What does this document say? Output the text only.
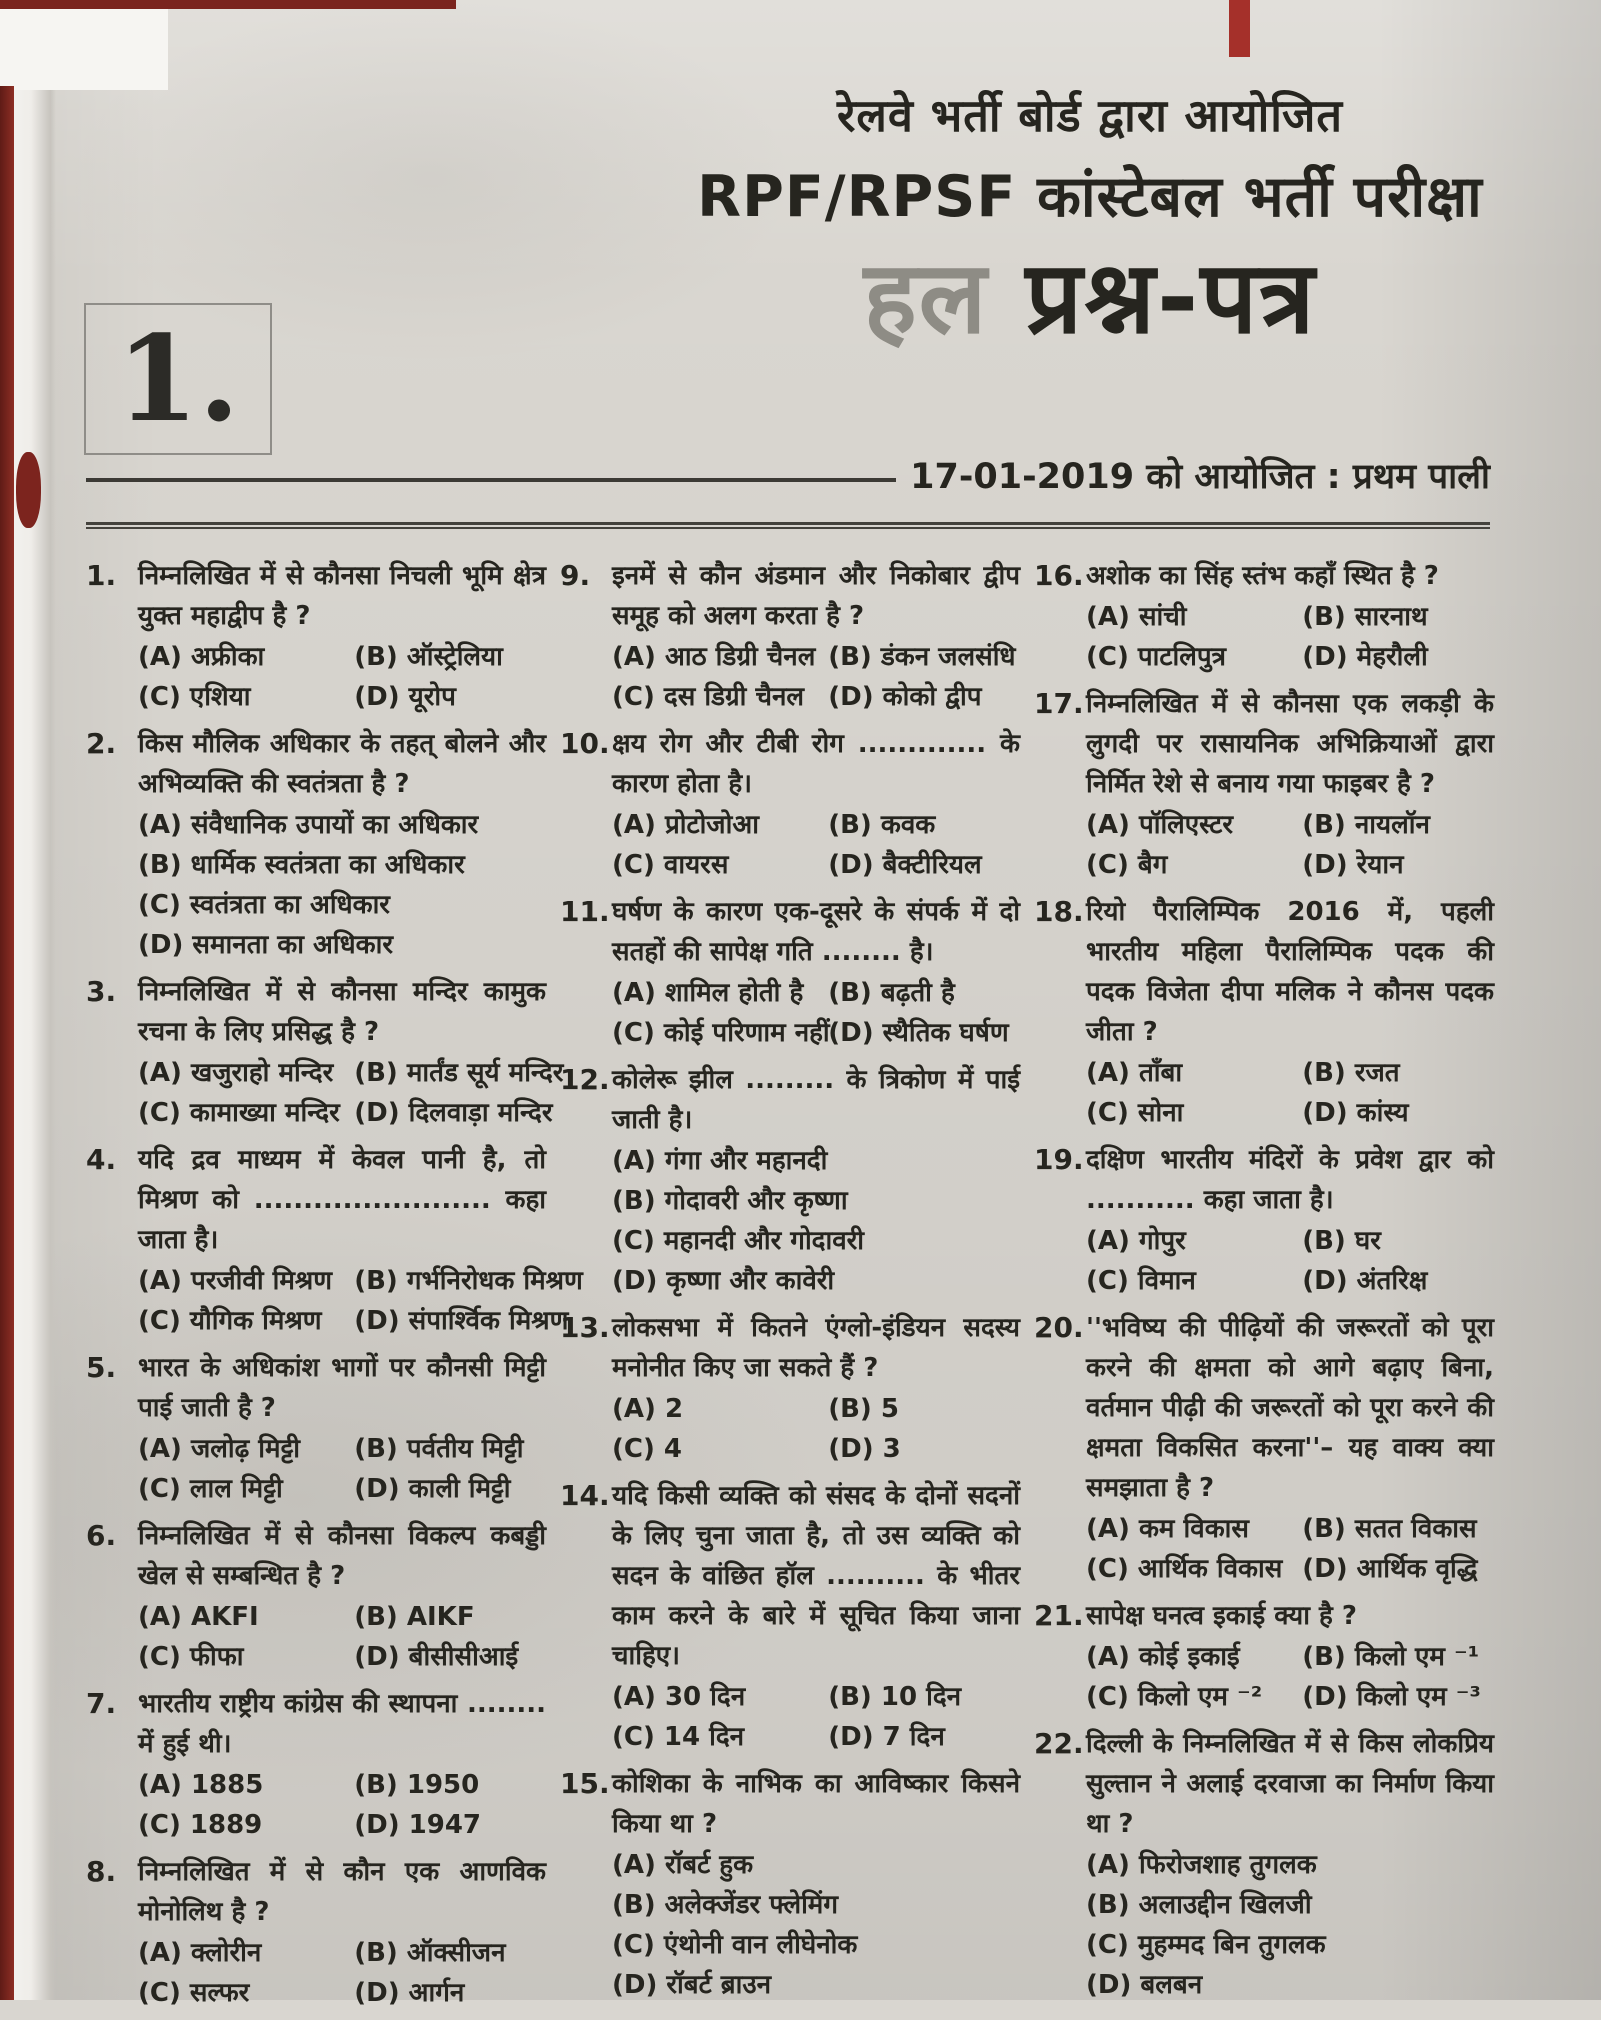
1.
रेलवे भर्ती बोर्ड द्वारा आयोजित
RPF/RPSF कांस्टेबल भर्ती परीक्षा
हल प्रश्न-पत्र
17-01-2019 को आयोजित : प्रथम पाली
1. निम्नलिखित में से कौनसा निचली भूमि क्षेत्र युक्त महाद्वीप है ?
(A) अफ्रीका	(B) ऑस्ट्रेलिया
(C) एशिया	(D) यूरोप
2. किस मौलिक अधिकार के तहत् बोलने और अभिव्यक्ति की स्वतंत्रता है ?
(A) संवैधानिक उपायों का अधिकार
(B) धार्मिक स्वतंत्रता का अधिकार
(C) स्वतंत्रता का अधिकार
(D) समानता का अधिकार
3. निम्नलिखित में से कौनसा मन्दिर कामुक रचना के लिए प्रसिद्ध है ?
(A) खजुराहो मन्दिर (B) मार्तंड सूर्य मन्दिर
(C) कामाख्या मन्दिर (D) दिलवाड़ा मन्दिर
4. यदि द्रव माध्यम में केवल पानी है, तो मिश्रण को ........................ कहा जाता है।
(A) परजीवी मिश्रण (B) गर्भनिरोधक मिश्रण
(C) यौगिक मिश्रण	(D) संपार्श्विक मिश्रण
5. भारत के अधिकांश भागों पर कौनसी मिट्टी पाई जाती है ?
(A) जलोढ़ मिट्टी	(B) पर्वतीय मिट्टी
(C) लाल मिट्टी	(D) काली मिट्टी
6. निम्नलिखित में से कौनसा विकल्प कबड्डी खेल से सम्बन्धित है ?
(A) AKFI	(B) AIKF
(C) फीफा	(D) बीसीसीआई
7. भारतीय राष्ट्रीय कांग्रेस की स्थापना ........ में हुई थी।
(A) 1885	(B) 1950
(C) 1889	(D) 1947
8. निम्नलिखित में से कौन एक आणविक मोनोलिथ है ?
(A) क्लोरीन	(B) ऑक्सीजन
(C) सल्फर	(D) आर्गन
9. इनमें से कौन अंडमान और निकोबार द्वीप समूह को अलग करता है ?
(A) आठ डिग्री चैनल (B) डंकन जलसंधि
(C) दस डिग्री चैनल (D) कोको द्वीप
10. क्षय रोग और टीबी रोग ............. के कारण होता है।
(A) प्रोटोजोआ	(B) कवक
(C) वायरस	(D) बैक्टीरियल
11. घर्षण के कारण एक-दूसरे के संपर्क में दो सतहों की सापेक्ष गति ........ है।
(A) शामिल होती है (B) बढ़ती है
(C) कोई परिणाम नहीं
(D) स्थैतिक घर्षण
12. कोलेरू झील ......... के त्रिकोण में पाई जाती है।
(A) गंगा और महानदी
(B) गोदावरी और कृष्णा
(C) महानदी और गोदावरी
(D) कृष्णा और कावेरी
13. लोकसभा में कितने एंग्लो-इंडियन सदस्य मनोनीत किए जा सकते हैं ?
(A) 2	(B) 5
(C) 4	(D) 3
14. यदि किसी व्यक्ति को संसद के दोनों सदनों के लिए चुना जाता है, तो उस व्यक्ति को सदन के वांछित हॉल .......... के भीतर काम करने के बारे में सूचित किया जाना चाहिए।
(A) 30 दिन	(B) 10 दिन
(C) 14 दिन	(D) 7 दिन
15. कोशिका के नाभिक का आविष्कार किसने किया था ?
(A) रॉबर्ट हुक
(B) अलेक्जेंडर फ्लेमिंग
(C) एंथोनी वान लीघेनोक
(D) रॉबर्ट ब्राउन
16. अशोक का सिंह स्तंभ कहाँ स्थित है ?
(A) सांची	(B) सारनाथ
(C) पाटलिपुत्र	(D) मेहरौली
17. निम्नलिखित में से कौनसा एक लकड़ी के लुगदी पर रासायनिक अभिक्रियाओं द्वारा निर्मित रेशे से बनाय गया फाइबर है ?
(A) पॉलिएस्टर	(B) नायलॉन
(C) बैग	(D) रेयान
18. रियो पैरालिम्पिक 2016 में, पहली भारतीय महिला पैरालिम्पिक पदक की पदक विजेता दीपा मलिक ने कौनस पदक जीता ?
(A) ताँबा	(B) रजत
(C) सोना	(D) कांस्य
19. दक्षिण भारतीय मंदिरों के प्रवेश द्वार को ........... कहा जाता है।
(A) गोपुर	(B) घर
(C) विमान	(D) अंतरिक्ष
20. ''भविष्य की पीढ़ियों की जरूरतों को पूरा करने की क्षमता को आगे बढ़ाए बिना, वर्तमान पीढ़ी की जरूरतों को पूरा करने की क्षमता विकसित करना''– यह वाक्य क्या समझाता है ?
(A) कम विकास	(B) सतत विकास
(C) आर्थिक विकास (D) आर्थिक वृद्धि
21. सापेक्ष घनत्व इकाई क्या है ?
(A) कोई इकाई	(B) किलो एम ⁻¹
(C) किलो एम ⁻²	(D) किलो एम ⁻³
22. दिल्ली के निम्नलिखित में से किस लोकप्रिय सुल्तान ने अलाई दरवाजा का निर्माण किया था ?
(A) फिरोजशाह तुगलक
(B) अलाउद्दीन खिलजी
(C) मुहम्मद बिन तुगलक
(D) बलबन
